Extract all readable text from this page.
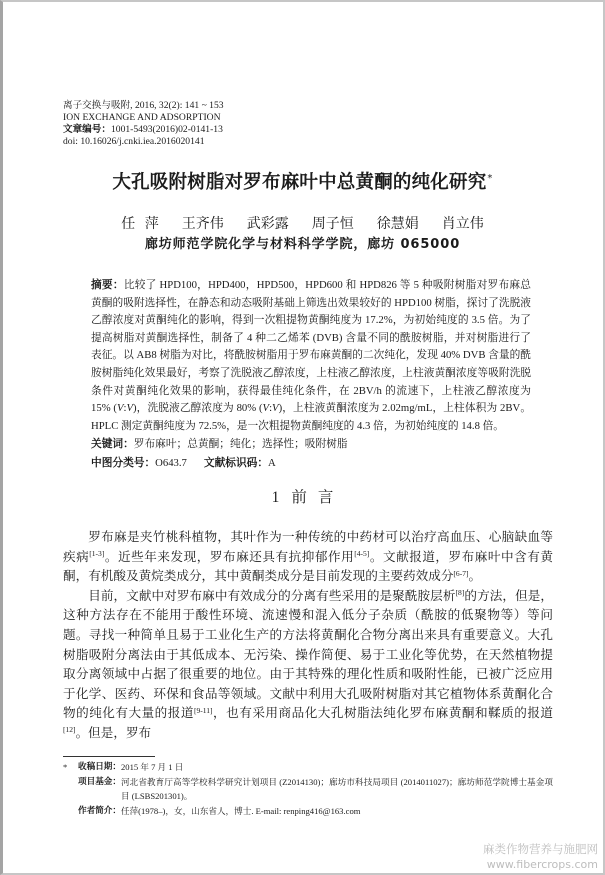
离子交换与吸附, 2016, 32(2): 141 ~ 153
ION EXCHANGE AND ADSORPTION
文章编号：1001-5493(2016)02-0141-13
doi: 10.16026/j.cnki.iea.2016020141
大孔吸附树脂对罗布麻叶中总黄酮的纯化研究*
任 萍 王齐伟 武彩露 周子恒 徐慧娟 肖立伟
廊坊师范学院化学与材料科学学院，廊坊 065000

摘要：比较了 HPD100，HPD400，HPD500，HPD600 和 HPD826 等 5 种吸附树脂对罗布麻总黄酮的吸附选择性，在静态和动态吸附基础上筛选出效果较好的 HPD100 树脂，探讨了洗脱液乙醇浓度对黄酮纯化的影响，得到一次粗提物黄酮纯度为 17.2%，为初始纯度的 3.5 倍。为了提高树脂对黄酮选择性，制备了 4 种二乙烯苯 (DVB) 含量不同的酰胺树脂，并对树脂进行了表征。以 AB8 树脂为对比，将酰胺树脂用于罗布麻黄酮的二次纯化，发现 40% DVB 含量的酰胺树脂纯化效果最好，考察了洗脱液乙醇浓度，上柱液乙醇浓度，上柱液黄酮浓度等吸附洗脱条件对黄酮纯化效果的影响，获得最佳纯化条件，在 2BV/h 的流速下，上柱液乙醇浓度为 15% (V:V)，洗脱液乙醇浓度为 80% (V:V)，上柱液黄酮浓度为 2.02mg/mL，上柱体积为 2BV。HPLC 测定黄酮纯度为 72.5%，是一次粗提物黄酮纯度的 4.3 倍，为初始纯度的 14.8 倍。

关键词：罗布麻叶；总黄酮；纯化；选择性；吸附树脂
中图分类号：O643.7 文献标识码：A
1 前 言

罗布麻是夹竹桃科植物，其叶作为一种传统的中药材可以治疗高血压、心脑缺血等疾病[1-3]。近些年来发现，罗布麻还具有抗抑郁作用[4-5]。文献报道，罗布麻叶中含有黄酮，有机酸及黄烷类成分，其中黄酮类成分是目前发现的主要药效成分[6-7]。

目前，文献中对罗布麻中有效成分的分离有些采用的是聚酰胺层析[8]的方法，但是，这种方法存在不能用于酸性环境、流速慢和混入低分子杂质（酰胺的低聚物等）等问题。寻找一种简单且易于工业化生产的方法将黄酮化合物分离出来具有重要意义。大孔树脂吸附分离法由于其低成本、无污染、操作简便、易于工业化等优势，在天然植物提取分离领域中占据了很重要的地位。由于其特殊的理化性质和吸附性能，已被广泛应用于化学、医药、环保和食品等领域。文献中利用大孔吸附树脂对其它植物体系黄酮化合物的纯化有大量的报道[9-11]，也有采用商品化大孔树脂法纯化罗布麻黄酮和鞣质的报道[12]。但是，罗布

*	收稿日期： 2015 年 7 月 1 日
项目基金： 河北省教育厅高等学校科学研究计划项目 (Z2014130)；廊坊市科技局项目 (2014011027)；廊坊师范学院博士基金项目 (LSBS201301)。
作者简介： 任萍(1978–)，女，山东省人，博士. E-mail: renping416@163.com
麻类作物营养与施肥网
www.fibercrops.com
